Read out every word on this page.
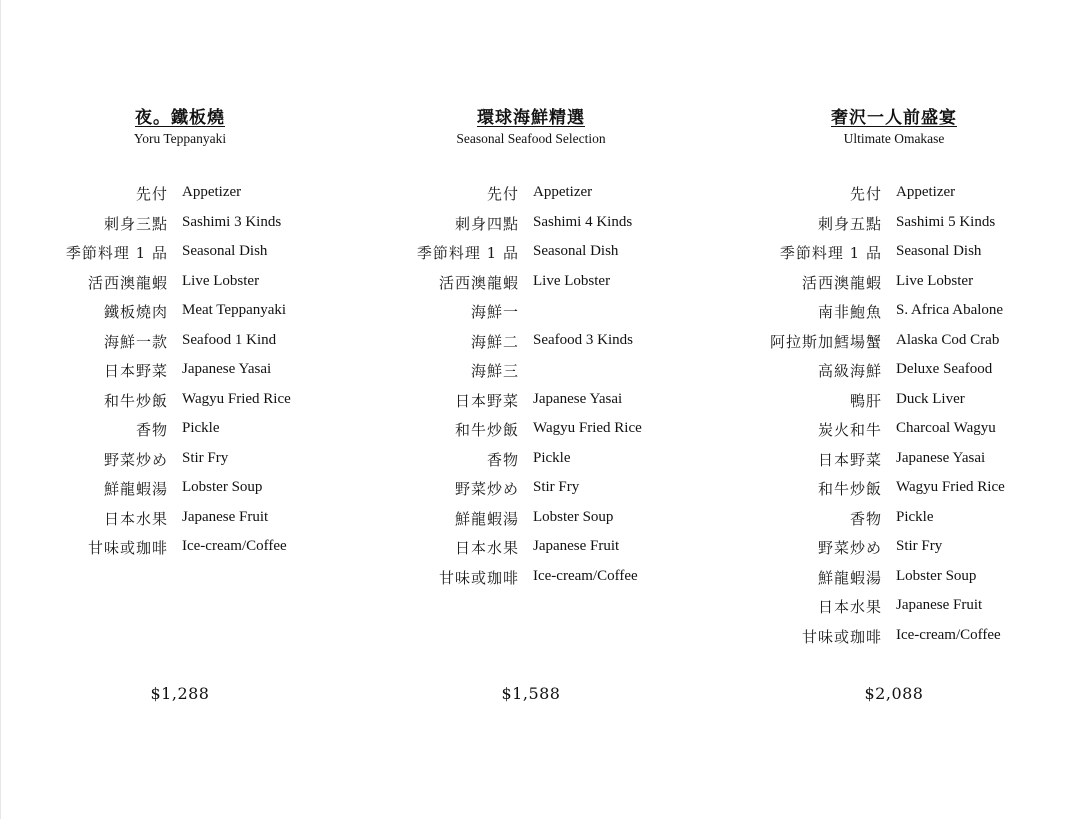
夜。鐵板燒
Yoru Teppanyaki
先付 Appetizer
刺身三點 Sashimi 3 Kinds
季節料理 1 品 Seasonal Dish
活西澳龍蝦 Live Lobster
鐵板燒肉 Meat Teppanyaki
海鮮一款 Seafood 1 Kind
日本野菜 Japanese Yasai
和牛炒飯 Wagyu Fried Rice
香物 Pickle
野菜炒め Stir Fry
鮮龍蝦湯 Lobster Soup
日本水果 Japanese Fruit
甘味或珈啡 Ice-cream/Coffee
$1,288
環球海鮮精選
Seasonal Seafood Selection
先付 Appetizer
刺身四點 Sashimi 4 Kinds
季節料理 1 品 Seasonal Dish
活西澳龍蝦 Live Lobster
海鮮一
海鮮二 Seafood 3 Kinds
海鮮三
日本野菜 Japanese Yasai
和牛炒飯 Wagyu Fried Rice
香物 Pickle
野菜炒め Stir Fry
鮮龍蝦湯 Lobster Soup
日本水果 Japanese Fruit
甘味或珈啡 Ice-cream/Coffee
$1,588
奢沢一人前盛宴
Ultimate Omakase
先付 Appetizer
刺身五點 Sashimi 5 Kinds
季節料理 1 品 Seasonal Dish
活西澳龍蝦 Live Lobster
南非鮑魚 S. Africa Abalone
阿拉斯加鱈場蟹 Alaska Cod Crab
高級海鮮 Deluxe Seafood
鴨肝 Duck Liver
炭火和牛 Charcoal Wagyu
日本野菜 Japanese Yasai
和牛炒飯 Wagyu Fried Rice
香物 Pickle
野菜炒め Stir Fry
鮮龍蝦湯 Lobster Soup
日本水果 Japanese Fruit
甘味或珈啡 Ice-cream/Coffee
$2,088
